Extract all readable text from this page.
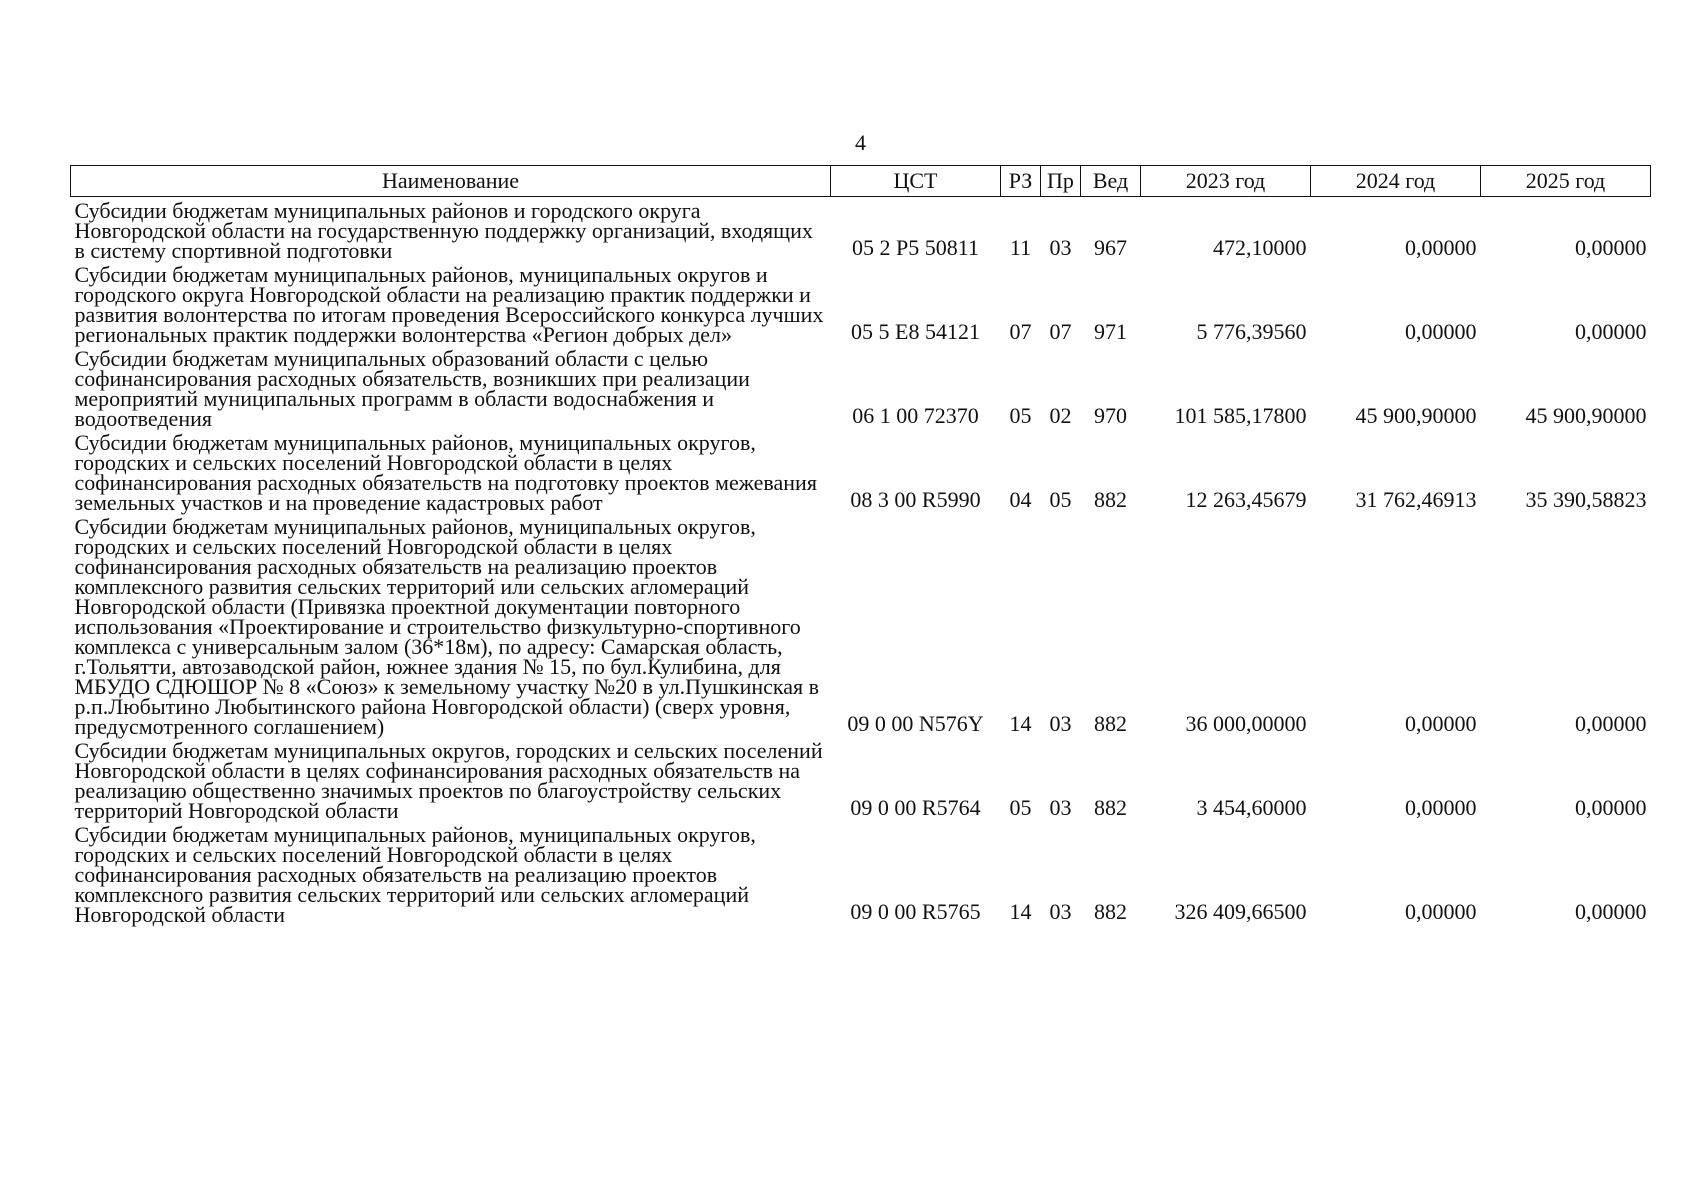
4
Наименование	ЦСТ	РЗ	Пр	Вед	2023 год	2024 год	2025 год
Субсидии бюджетам муниципальных районов и городского округа Новгородской области на государственную поддержку организаций, входящих в систему спортивной подготовки	05 2 P5 50811	11	03	967	472,10000	0,00000	0,00000
Субсидии бюджетам муниципальных районов, муниципальных округов и городского округа Новгородской области на реализацию практик поддержки и развития волонтерства по итогам проведения Всероссийского конкурса лучших региональных практик поддержки волонтерства «Регион добрых дел»	05 5 E8 54121	07	07	971	5 776,39560	0,00000	0,00000
Субсидии бюджетам муниципальных образований области с целью софинансирования расходных обязательств, возникших при реализации мероприятий муниципальных программ в области водоснабжения и водоотведения	06 1 00 72370	05	02	970	101 585,17800	45 900,90000	45 900,90000
Субсидии бюджетам муниципальных районов, муниципальных округов, городских и сельских поселений Новгородской области в целях софинансирования расходных обязательств на подготовку проектов межевания земельных участков и на проведение кадастровых работ	08 3 00 R5990	04	05	882	12 263,45679	31 762,46913	35 390,58823
Субсидии бюджетам муниципальных районов, муниципальных округов, городских и сельских поселений Новгородской области в целях софинансирования расходных обязательств на реализацию проектов комплексного развития сельских территорий или сельских агломераций Новгородской области (Привязка проектной документации повторного использования «Проектирование и строительство физкультурно-спортивного комплекса с универсальным залом (36*18м), по адресу: Самарская область, г.Тольятти, автозаводской район, южнее здания № 15, по бул.Кулибина, для МБУДО СДЮШОР № 8 «Союз» к земельному участку №20 в ул.Пушкинская в р.п.Любытино Любытинского района Новгородской области) (сверх уровня, предусмотренного соглашением)	09 0 00 N576Y	14	03	882	36 000,00000	0,00000	0,00000
Субсидии бюджетам муниципальных округов, городских и сельских поселений Новгородской области в целях софинансирования расходных обязательств на реализацию общественно значимых проектов по благоустройству сельских территорий Новгородской области	09 0 00 R5764	05	03	882	3 454,60000	0,00000	0,00000
Субсидии бюджетам муниципальных районов, муниципальных округов, городских и сельских поселений Новгородской области в целях софинансирования расходных обязательств на реализацию проектов комплексного развития сельских территорий или сельских агломераций Новгородской области	09 0 00 R5765	14	03	882	326 409,66500	0,00000	0,00000
